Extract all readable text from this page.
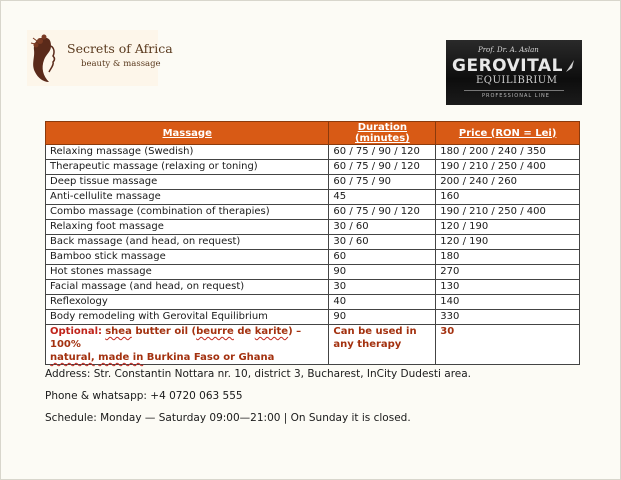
Secrets of Africa
beauty & massage
Prof. Dr. A. Aslan
GEROVITAL
EQUILIBRIUM
PROFESSIONAL LINE
Massage	Duration (minutes)	Price (RON = Lei)
Relaxing massage (Swedish)	60 / 75 / 90 / 120	180 / 200 / 240 / 350
Therapeutic massage (relaxing or toning)	60 / 75 / 90 / 120	190 / 210 / 250 / 400
Deep tissue massage	60 / 75 / 90	200 / 240 / 260
Anti-cellulite massage	45	160
Combo massage (combination of therapies)	60 / 75 / 90 / 120	190 / 210 / 250 / 400
Relaxing foot massage	30 / 60	120 / 190
Back massage (and head, on request)	30 / 60	120 / 190
Bamboo stick massage	60	180
Hot stones massage	90	270
Facial massage (and head, on request)	30	130
Reflexology	40	140
Body remodeling with Gerovital Equilibrium	90	330
Optional: shea butter oil (beurre de karite) – 100%
natural, made in Burkina Faso or Ghana	Can be used in any therapy	30
Address: Str. Constantin Nottara nr. 10, district 3, Bucharest, InCity Dudesti area.
Phone & whatsapp: +4 0720 063 555
Schedule: Monday — Saturday 09:00—21:00 | On Sunday it is closed.
